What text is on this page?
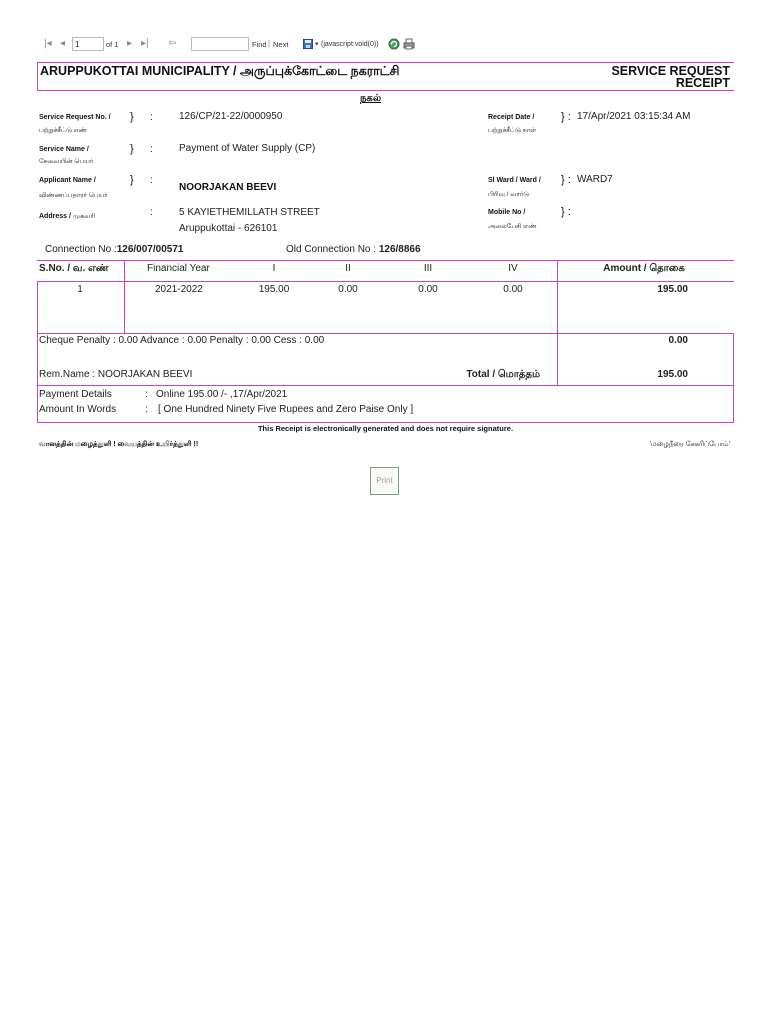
|◂ ◂
1	of 1 ▸ ▸| ⇦	Find | Next	▾ (javascript:void(0))
ARUPPUKOTTAI MUNICIPALITY / அருப்புக்கோட்டை நகராட்சி	SERVICE REQUEST
RECEIPT
நகல்
Service Request No. /
பற்றுச்சீட்டு எண்
} :	126/CP/21-22/0000950	Receipt Date /
பற்றுச்சீட்டு நாள்
} : 17/Apr/2021 03:15:34 AM
Service Name /
சேவையின் பெயர்
} :	Payment of Water Supply (CP)
Applicant Name /
விண்ணப்பதாரர் பெயர்
} :
NOORJAKAN BEEVI
Sl Ward / Ward /
பிரிவு / வார்டு
} : WARD7
Address / முகவரி	:	5 KAYIETHEMILLATH STREET
Aruppukottai - 626101
Mobile No /
அலைபேசி எண்
} :
Connection No :126/007/00571	Old Connection No : 126/8866
S.No. / வ. எண்	Financial Year	I	II	III	IV	Amount / தொகை
1	2021-2022	195.00	0.00	0.00	0.00	195.00
Cheque Penalty : 0.00 Advance : 0.00 Penalty : 0.00 Cess : 0.00	0.00
Rem.Name : NOORJAKAN BEEVI	Total / மொத்தம்	195.00
Payment Details	: Online 195.00 /- ,17/Apr/2021
Amount In Words	: [ One Hundred Ninety Five Rupees and Zero Paise Only ]
This Receipt is electronically generated and does not require signature.
வானத்தின் மழைத்துளி ! வையத்தின் உயிர்த்துளி !!	'மழைநீரை சேகரிப்போம்'
Print
